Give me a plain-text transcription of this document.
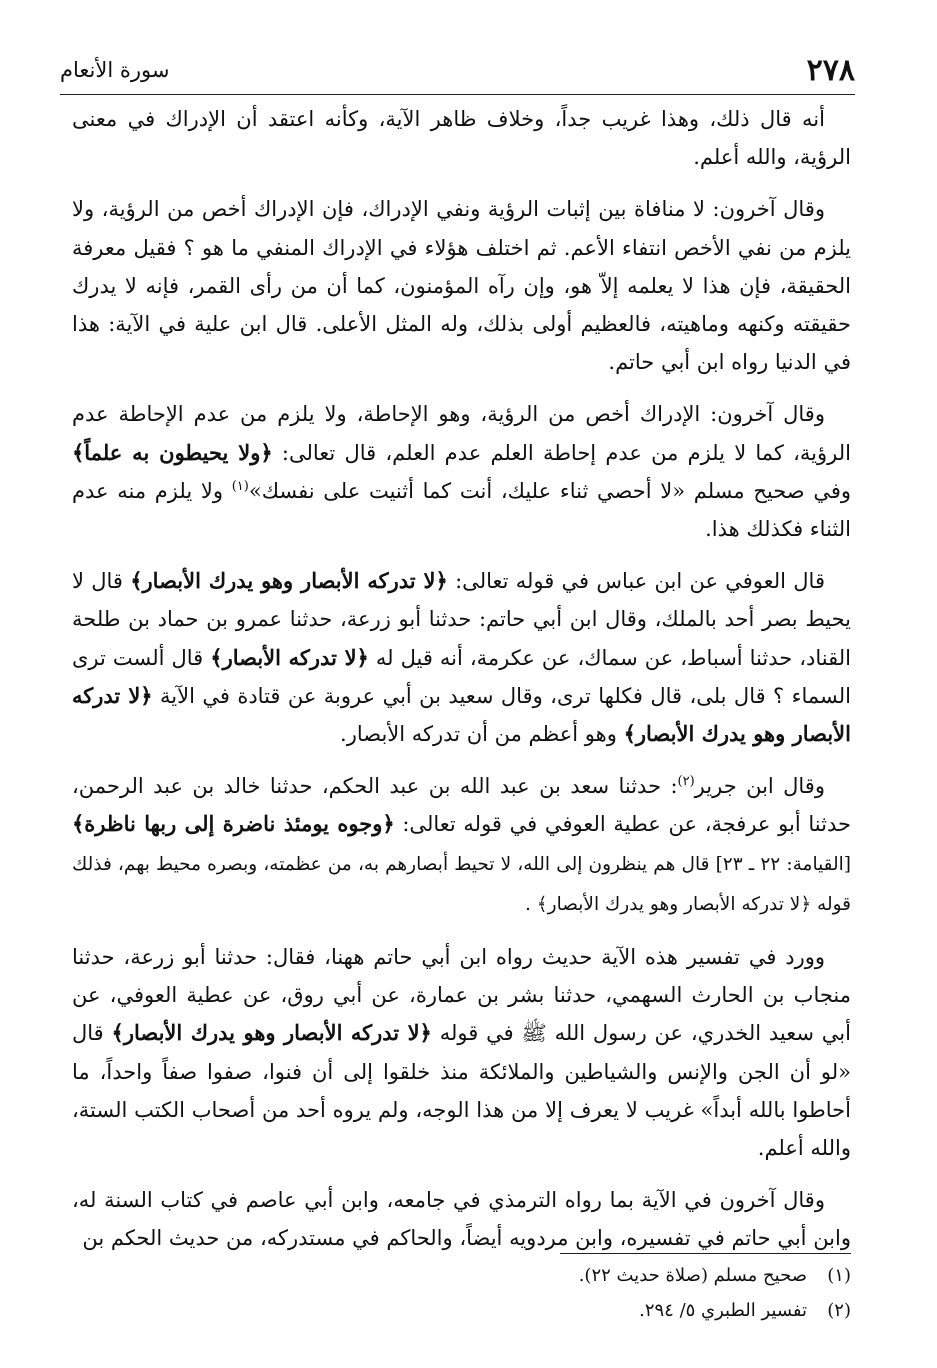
سورة الأنعام	٢٧٨

أنه قال ذلك، وهذا غريب جداً، وخلاف ظاهر الآية، وكأنه اعتقد أن الإدراك في معنى الرؤية، والله أعلم.

وقال آخرون: لا منافاة بين إثبات الرؤية ونفي الإدراك، فإن الإدراك أخص من الرؤية، ولا يلزم من نفي الأخص انتفاء الأعم. ثم اختلف هؤلاء في الإدراك المنفي ما هو ؟ فقيل معرفة الحقيقة، فإن هذا لا يعلمه إلاّ هو، وإن رآه المؤمنون، كما أن من رأى القمر، فإنه لا يدرك حقيقته وكنهه وماهيته، فالعظيم أولى بذلك، وله المثل الأعلى. قال ابن علية في الآية: هذا في الدنيا رواه ابن أبي حاتم.

وقال آخرون: الإدراك أخص من الرؤية، وهو الإحاطة، ولا يلزم من عدم الإحاطة عدم الرؤية، كما لا يلزم من عدم إحاطة العلم عدم العلم، قال تعالى: ﴿ولا يحيطون به علماً﴾ وفي صحيح مسلم «لا أحصي ثناء عليك، أنت كما أثنيت على نفسك»$^{(١)}$ ولا يلزم منه عدم الثناء فكذلك هذا.

قال العوفي عن ابن عباس في قوله تعالى: ﴿لا تدركه الأبصار وهو يدرك الأبصار﴾ قال لا يحيط بصر أحد بالملك، وقال ابن أبي حاتم: حدثنا أبو زرعة، حدثنا عمرو بن حماد بن طلحة القناد، حدثنا أسباط، عن سماك، عن عكرمة، أنه قيل له ﴿لا تدركه الأبصار﴾ قال ألست ترى السماء ؟ قال بلى، قال فكلها ترى، وقال سعيد بن أبي عروبة عن قتادة في الآية ﴿لا تدركه الأبصار وهو يدرك الأبصار﴾ وهو أعظم من أن تدركه الأبصار.

وقال ابن جرير$^{(٢)}$: حدثنا سعد بن عبد الله بن عبد الحكم، حدثنا خالد بن عبد الرحمن، حدثنا أبو عرفجة، عن عطية العوفي في قوله تعالى: ﴿وجوه يومئذ ناضرة إلى ربها ناظرة﴾ [القيامة: ٢٢ ـ ٢٣] قال هم ينظرون إلى الله، لا تحيط أبصارهم به، من عظمته، وبصره محيط بهم، فذلك قوله ﴿لا تدركه الأبصار وهو يدرك الأبصار﴾ .

وورد في تفسير هذه الآية حديث رواه ابن أبي حاتم ههنا، فقال: حدثنا أبو زرعة، حدثنا منجاب بن الحارث السهمي، حدثنا بشر بن عمارة، عن أبي روق، عن عطية العوفي، عن أبي سعيد الخدري، عن رسول الله ﷺ في قوله ﴿لا تدركه الأبصار وهو يدرك الأبصار﴾ قال «لو أن الجن والإنس والشياطين والملائكة منذ خلقوا إلى أن فنوا، صفوا صفاً واحداً، ما أحاطوا بالله أبداً» غريب لا يعرف إلا من هذا الوجه، ولم يروه أحد من أصحاب الكتب الستة، والله أعلم.

وقال آخرون في الآية بما رواه الترمذي في جامعه، وابن أبي عاصم في كتاب السنة له، وابن أبي حاتم في تفسيره، وابن مردويه أيضاً، والحاكم في مستدركه، من حديث الحكم بن

(١)صحيح مسلم (صلاة حديث ٢٢).
(٢)تفسير الطبري ٥/ ٢٩٤.
